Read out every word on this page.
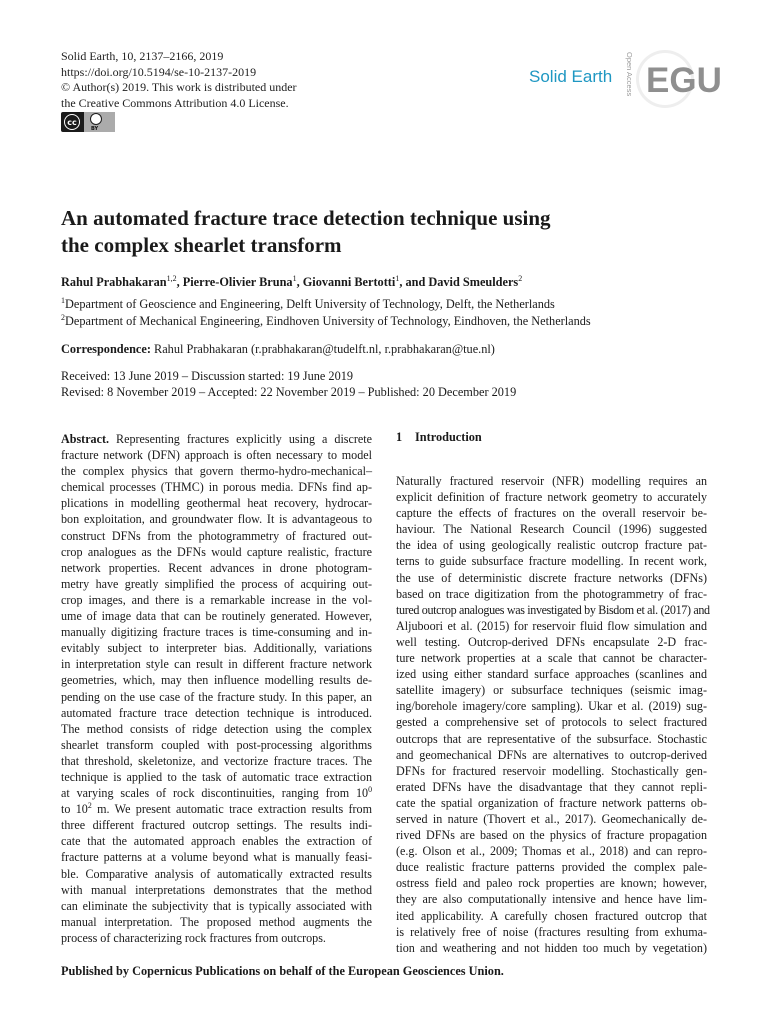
Solid Earth, 10, 2137–2166, 2019
https://doi.org/10.5194/se-10-2137-2019
© Author(s) 2019. This work is distributed under
the Creative Commons Attribution 4.0 License.
cc
BY
Solid Earth Open Access EGU
An automated fracture trace detection technique using
the complex shearlet transform
Rahul Prabhakaran$^{1,2}$, Pierre-Olivier Bruna$^1$, Giovanni Bertotti$^1$, and David Smeulders$^2$
$^1$Department of Geoscience and Engineering, Delft University of Technology, Delft, the Netherlands
$^2$Department of Mechanical Engineering, Eindhoven University of Technology, Eindhoven, the Netherlands
Correspondence: Rahul Prabhakaran (r.prabhakaran@tudelft.nl, r.prabhakaran@tue.nl)
Received: 13 June 2019 – Discussion started: 19 June 2019
Revised: 8 November 2019 – Accepted: 22 November 2019 – Published: 20 December 2019
Abstract. Representing fractures explicitly using a discrete
fracture network (DFN) approach is often necessary to model
the complex physics that govern thermo-hydro-mechanical–
chemical processes (THMC) in porous media. DFNs find ap-
plications in modelling geothermal heat recovery, hydrocar-
bon exploitation, and groundwater flow. It is advantageous to
construct DFNs from the photogrammetry of fractured out-
crop analogues as the DFNs would capture realistic, fracture
network properties. Recent advances in drone photogram-
metry have greatly simplified the process of acquiring out-
crop images, and there is a remarkable increase in the vol-
ume of image data that can be routinely generated. However,
manually digitizing fracture traces is time-consuming and in-
evitably subject to interpreter bias. Additionally, variations
in interpretation style can result in different fracture network
geometries, which, may then influence modelling results de-
pending on the use case of the fracture study. In this paper, an
automated fracture trace detection technique is introduced.
The method consists of ridge detection using the complex
shearlet transform coupled with post-processing algorithms
that threshold, skeletonize, and vectorize fracture traces. The
technique is applied to the task of automatic trace extraction
at varying scales of rock discontinuities, ranging from $10^0$
to $10^2$ m. We present automatic trace extraction results from
three different fractured outcrop settings. The results indi-
cate that the automated approach enables the extraction of
fracture patterns at a volume beyond what is manually feasi-
ble. Comparative analysis of automatically extracted results
with manual interpretations demonstrates that the method
can eliminate the subjectivity that is typically associated with
manual interpretation. The proposed method augments the
process of characterizing rock fractures from outcrops.
1 Introduction
Naturally fractured reservoir (NFR) modelling requires an
explicit definition of fracture network geometry to accurately
capture the effects of fractures on the overall reservoir be-
haviour. The National Research Council (1996) suggested
the idea of using geologically realistic outcrop fracture pat-
terns to guide subsurface fracture modelling. In recent work,
the use of deterministic discrete fracture networks (DFNs)
based on trace digitization from the photogrammetry of frac-
tured outcrop analogues was investigated by Bisdom et al. (2017) and
Aljuboori et al. (2015) for reservoir fluid flow simulation and
well testing. Outcrop-derived DFNs encapsulate 2-D frac-
ture network properties at a scale that cannot be character-
ized using either standard surface approaches (scanlines and
satellite imagery) or subsurface techniques (seismic imag-
ing/borehole imagery/core sampling). Ukar et al. (2019) sug-
gested a comprehensive set of protocols to select fractured
outcrops that are representative of the subsurface. Stochastic
and geomechanical DFNs are alternatives to outcrop-derived
DFNs for fractured reservoir modelling. Stochastically gen-
erated DFNs have the disadvantage that they cannot repli-
cate the spatial organization of fracture network patterns ob-
served in nature (Thovert et al., 2017). Geomechanically de-
rived DFNs are based on the physics of fracture propagation
(e.g. Olson et al., 2009; Thomas et al., 2018) and can repro-
duce realistic fracture patterns provided the complex pale-
ostress field and paleo rock properties are known; however,
they are also computationally intensive and hence have lim-
ited applicability. A carefully chosen fractured outcrop that
is relatively free of noise (fractures resulting from exhuma-
tion and weathering and not hidden too much by vegetation)
Published by Copernicus Publications on behalf of the European Geosciences Union.
